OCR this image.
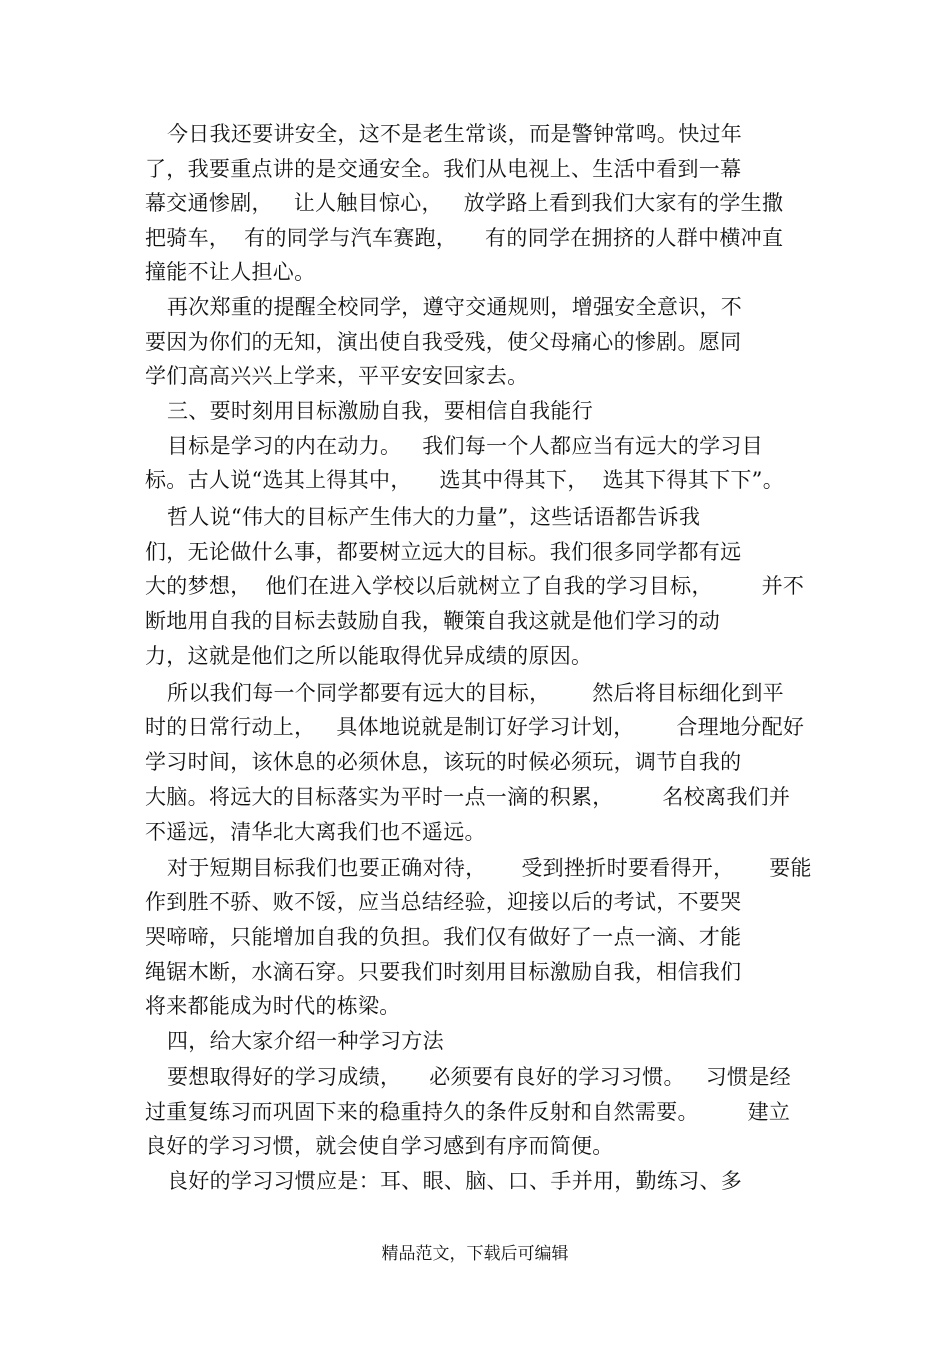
今日我还要讲安全，这不是老生常谈，而是警钟常鸣。快过年
了，我要重点讲的是交通安全。我们从电视上、生活中看到一幕
幕交通惨剧，   让人触目惊心，   放学路上看到我们大家有的学生撒
把骑车，  有的同学与汽车赛跑，    有的同学在拥挤的人群中横冲直
撞能不让人担心。
再次郑重的提醒全校同学，遵守交通规则，增强安全意识，不
要因为你们的无知，演出使自我受残，使父母痛心的惨剧。愿同
学们高高兴兴上学来，平平安安回家去。
三、要时刻用目标激励自我，要相信自我能行
目标是学习的内在动力。   我们每一个人都应当有远大的学习目
标。古人说“选其上得其中，    选其中得其下，  选其下得其下下”。
哲人说“伟大的目标产生伟大的力量”，这些话语都告诉我
们，无论做什么事，都要树立远大的目标。我们很多同学都有远
大的梦想，  他们在进入学校以后就树立了自我的学习目标，       并不
断地用自我的目标去鼓励自我，鞭策自我这就是他们学习的动
力，这就是他们之所以能取得优异成绩的原因。
所以我们每一个同学都要有远大的目标，      然后将目标细化到平
时的日常行动上，   具体地说就是制订好学习计划，      合理地分配好
学习时间，该休息的必须休息，该玩的时候必须玩，调节自我的
大脑。将远大的目标落实为平时一点一滴的积累，       名校离我们并
不遥远，清华北大离我们也不遥远。
对于短期目标我们也要正确对待，     受到挫折时要看得开，     要能
作到胜不骄、败不馁，应当总结经验，迎接以后的考试，不要哭
哭啼啼，只能增加自我的负担。我们仅有做好了一点一滴、才能
绳锯木断，水滴石穿。只要我们时刻用目标激励自我，相信我们
将来都能成为时代的栋梁。
四，给大家介绍一种学习方法
要想取得好的学习成绩，    必须要有良好的学习习惯。   习惯是经
过重复练习而巩固下来的稳重持久的条件反射和自然需要。       建立
良好的学习习惯，就会使自学习感到有序而简便。
良好的学习习惯应是：耳、眼、脑、口、手并用，勤练习、多
精品范文，下载后可编辑
